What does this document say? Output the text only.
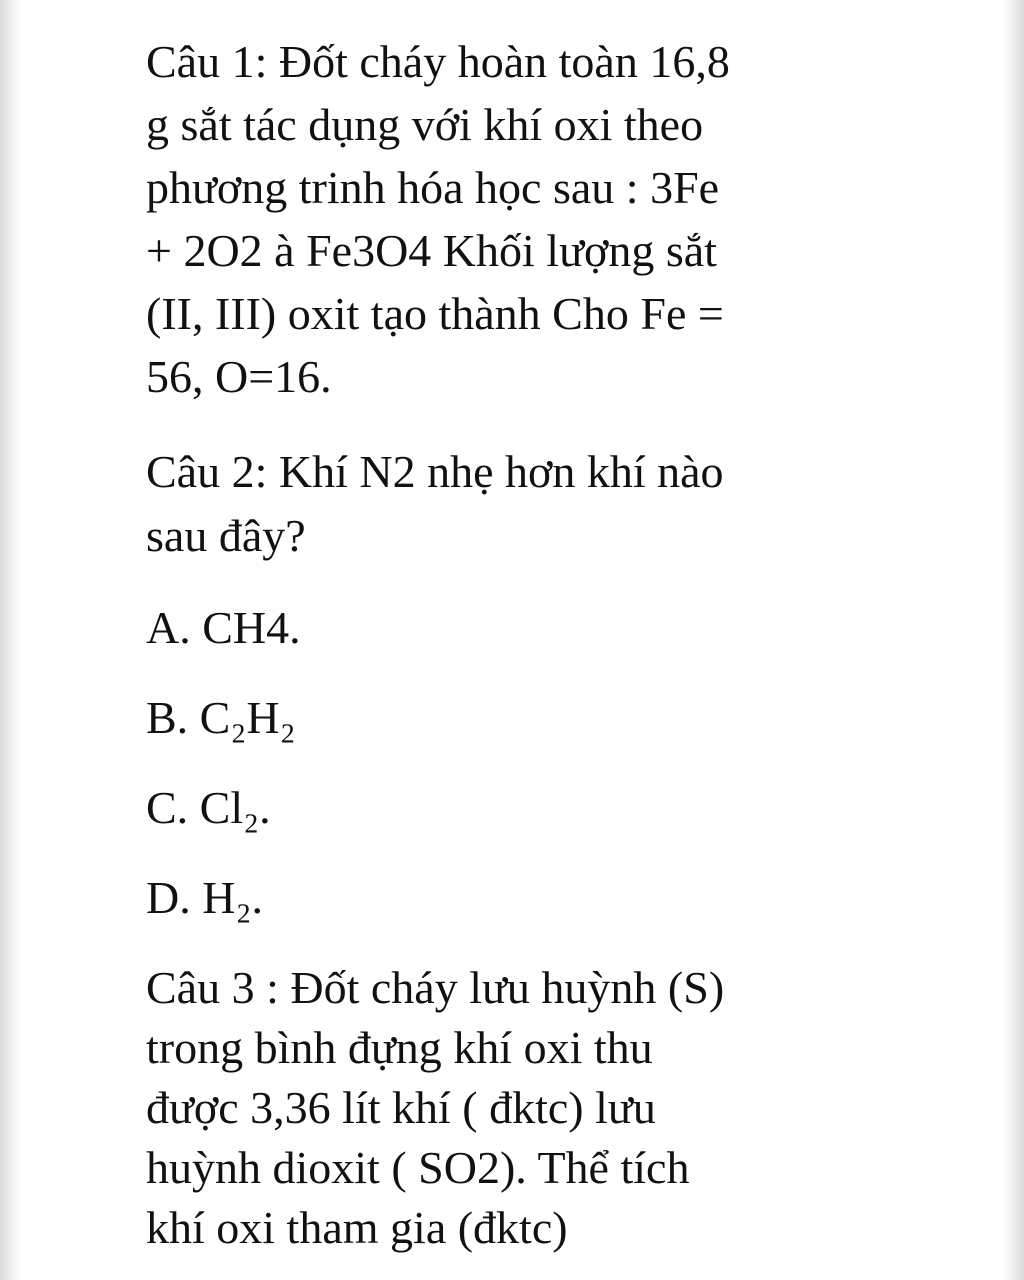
Câu 1: Đốt cháy hoàn toàn 16,8
g sắt tác dụng với khí oxi theo
phương trinh hóa học sau : 3Fe
+ 2O2 à Fe3O4 Khối lượng sắt
(II, III) oxit tạo thành Cho Fe =
56, O=16.
Câu 2: Khí N2 nhẹ hơn khí nào
sau đây?
A. CH4.
B. C₂H₂
C. Cl₂.
D. H₂.
Câu 3 : Đốt cháy lưu huỳnh (S)
trong bình đựng khí oxi thu
được 3,36 lít khí ( đktc) lưu
huỳnh dioxit ( SO2). Thể tích
khí oxi tham gia (đktc)
